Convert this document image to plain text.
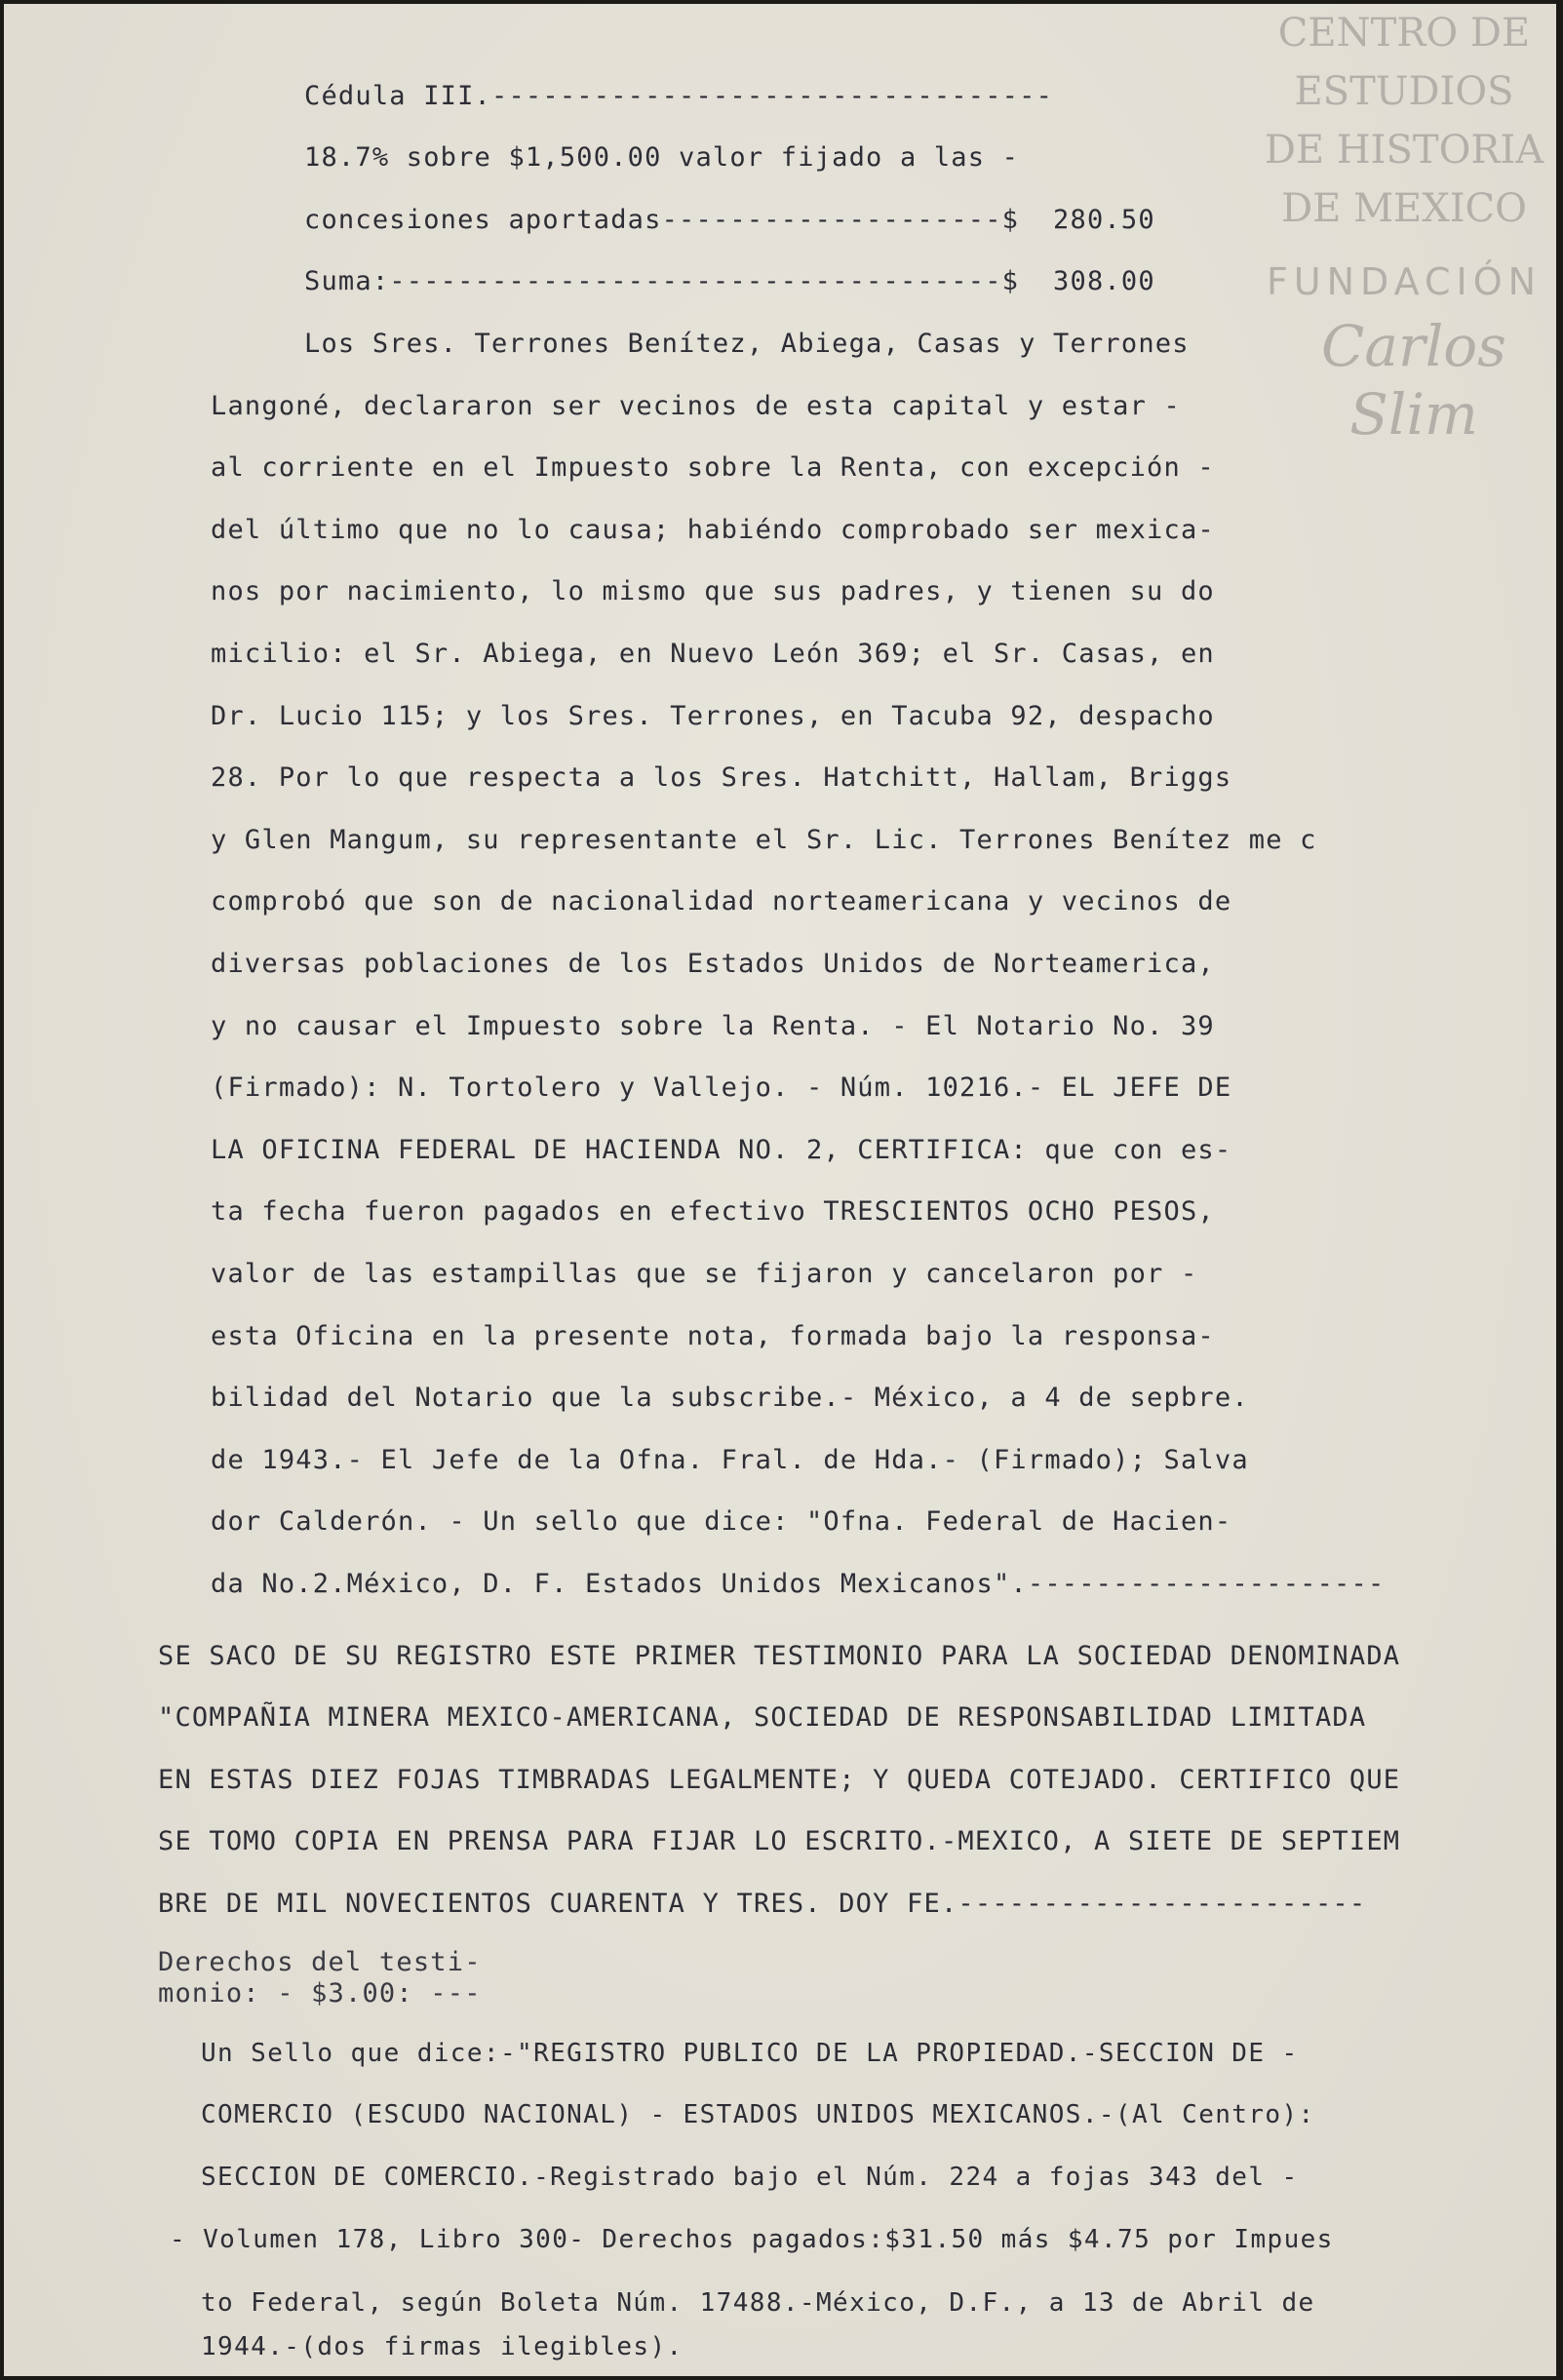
CENTRO DE
ESTUDIOS
DE HISTORIA
DE MEXICO
FUNDACIÓN
Carlos Slim
Cédula III.---------------------------------
18.7% sobre $1,500.00 valor fijado a las -
concesiones aportadas--------------------$  280.50
Suma:------------------------------------$  308.00
Los Sres. Terrones Benítez, Abiega, Casas y Terrones
Langoné, declararon ser vecinos de esta capital y estar -
al corriente en el Impuesto sobre la Renta, con excepción -
del último que no lo causa; habiéndo comprobado ser mexica-
nos por nacimiento, lo mismo que sus padres, y tienen su do
micilio: el Sr. Abiega, en Nuevo León 369; el Sr. Casas, en
Dr. Lucio 115; y los Sres. Terrones, en Tacuba 92, despacho
28. Por lo que respecta a los Sres. Hatchitt, Hallam, Briggs
y Glen Mangum, su representante el Sr. Lic. Terrones Benítez me c
comprobó que son de nacionalidad norteamericana y vecinos de
diversas poblaciones de los Estados Unidos de Norteamerica,
y no causar el Impuesto sobre la Renta. - El Notario No. 39
(Firmado): N. Tortolero y Vallejo. - Núm. 10216.- EL JEFE DE
LA OFICINA FEDERAL DE HACIENDA NO. 2, CERTIFICA: que con es-
ta fecha fueron pagados en efectivo TRESCIENTOS OCHO PESOS,
valor de las estampillas que se fijaron y cancelaron por -
esta Oficina en la presente nota, formada bajo la responsa-
bilidad del Notario que la subscribe.- México, a 4 de sepbre.
de 1943.- El Jefe de la Ofna. Fral. de Hda.- (Firmado); Salva
dor Calderón. - Un sello que dice: "Ofna. Federal de Hacien-
da No.2.México, D. F. Estados Unidos Mexicanos".---------------------
SE SACO DE SU REGISTRO ESTE PRIMER TESTIMONIO PARA LA SOCIEDAD DENOMINADA
"COMPAÑIA MINERA MEXICO-AMERICANA, SOCIEDAD DE RESPONSABILIDAD LIMITADA
EN ESTAS DIEZ FOJAS TIMBRADAS LEGALMENTE; Y QUEDA COTEJADO. CERTIFICO QUE
SE TOMO COPIA EN PRENSA PARA FIJAR LO ESCRITO.-MEXICO, A SIETE DE SEPTIEM
BRE DE MIL NOVECIENTOS CUARENTA Y TRES. DOY FE.------------------------
Derechos del testi-
monio: - $3.00: ---
Un Sello que dice:-"REGISTRO PUBLICO DE LA PROPIEDAD.-SECCION DE -
COMERCIO (ESCUDO NACIONAL) - ESTADOS UNIDOS MEXICANOS.-(Al Centro):
SECCION DE COMERCIO.-Registrado bajo el Núm. 224 a fojas 343 del -
- Volumen 178, Libro 300- Derechos pagados:$31.50 más $4.75 por Impues
to Federal, según Boleta Núm. 17488.-México, D.F., a 13 de Abril de
1944.-(dos firmas ilegibles).
